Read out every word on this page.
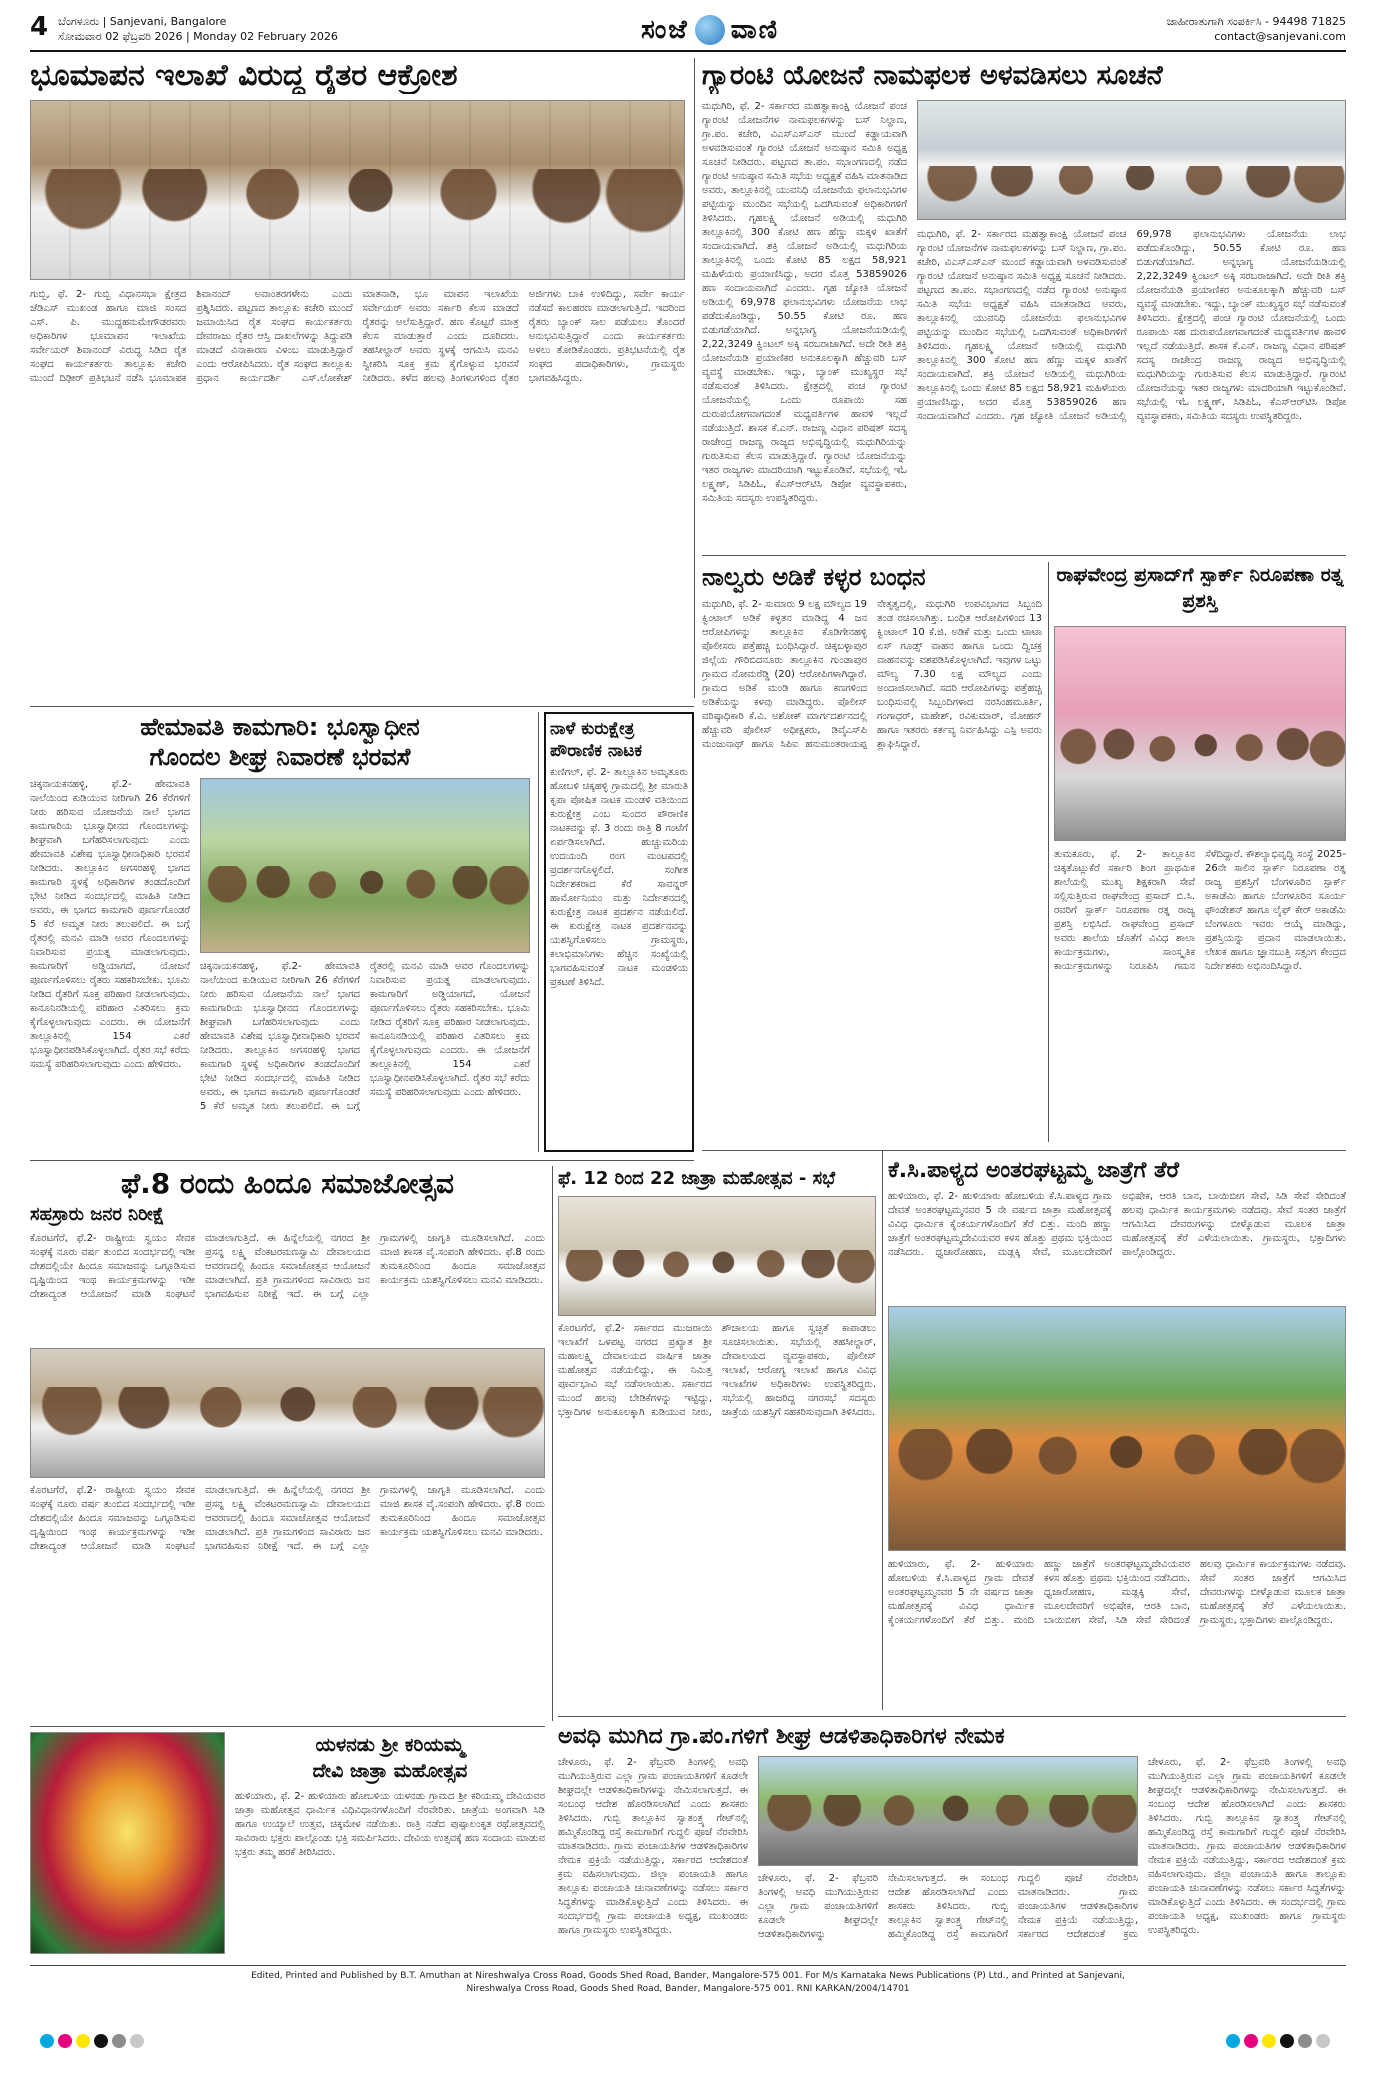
4 ಬೆಂಗಳೂರು | Sanjevani, Bangalore
ಸೋಮವಾರ 02 ಫೆಬ್ರವರಿ 2026 | Monday 02 February 2026	ಸಂಜೆ ವಾಣಿ	ಜಾಹೀರಾತುಗಾಗಿ ಸಂಪರ್ಕಿಸಿ - 94498 71825
contact@sanjevani.com
ಭೂಮಾಪನ ಇಲಾಖೆ ವಿರುದ್ಧ ರೈತರ ಆಕ್ರೋಶ
ಗುಬ್ಬಿ, ಫೆ. 2- ಗುಬ್ಬಿ ವಿಧಾನಸಭಾ ಕ್ಷೇತ್ರದ ಜೆಡಿಎಸ್ ಮುಖಂಡ ಹಾಗೂ ಮಾಜಿ ಸಂಸದ ಎಸ್. ಪಿ. ಮುದ್ದಹನುಮೇಗೌಡರವರು ಅಧಿಕಾರಿಗಳ ಭೂಮಾಪನ ಇಲಾಖೆಯ ಸರ್ವೇಯರ್ ಶಿವಾನಂದ್ ವಿರುದ್ಧ ಸಿಡಿದ ರೈತ ಸಂಘದ ಕಾರ್ಯಕರ್ತರು ತಾಲ್ಲೂಕು ಕಚೇರಿ ಮುಂದೆ ದಿಢೀರ್ ಪ್ರತಿಭಟನೆ ನಡೆಸಿ ಭೂಮಾಪಕ ಶಿವಾನಂದ್ ಅವಾಂತರಗಳೇನು ಎಂದು ಪ್ರಶ್ನಿಸಿದರು. ಪಟ್ಟಣದ ತಾಲ್ಲೂಕು ಕಚೇರಿ ಮುಂದೆ ಜಮಾಯಿಸಿದ ರೈತ ಸಂಘದ ಕಾರ್ಯಕರ್ತರು ದೇವರಾಜು ರೈತರ ಆಸ್ತಿ ದಾಖಲೆಗಳನ್ನು ತಿದ್ದುಪಡಿ ಮಾಡದೆ ವಿನಾಕಾರಣ ವಿಳಂಬ ಮಾಡುತ್ತಿದ್ದಾರೆ ಎಂದು ಆರೋಪಿಸಿದರು. ರೈತ ಸಂಘದ ತಾಲ್ಲೂಕು ಪ್ರಧಾನ ಕಾರ್ಯದರ್ಶಿ ಎಸ್.ಲೋಕೇಶ್ ಮಾತನಾಡಿ, ಭೂ ಮಾಪನ ಇಲಾಖೆಯ ಸರ್ವೇಯರ್ ಅವರು ಸರ್ಕಾರಿ ಕೆಲಸ ಮಾಡದೆ ರೈತರನ್ನು ಅಲೆಸುತ್ತಿದ್ದಾರೆ. ಹಣ ಕೊಟ್ಟರೆ ಮಾತ್ರ ಕೆಲಸ ಮಾಡುತ್ತಾರೆ ಎಂದು ದೂರಿದರು. ತಹಸೀಲ್ದಾರ್ ಅವರು ಸ್ಥಳಕ್ಕೆ ಆಗಮಿಸಿ ಮನವಿ ಸ್ವೀಕರಿಸಿ ಸೂಕ್ತ ಕ್ರಮ ಕೈಗೊಳ್ಳುವ ಭರವಸೆ ನೀಡಿದರು. ಕಳೆದ ಹಲವು ತಿಂಗಳುಗಳಿಂದ ರೈತರ ಅರ್ಜಿಗಳು ಬಾಕಿ ಉಳಿದಿದ್ದು, ಸರ್ವೇ ಕಾರ್ಯ ನಡೆಸದೆ ಕಾಲಹರಣ ಮಾಡಲಾಗುತ್ತಿದೆ. ಇದರಿಂದ ರೈತರು ಬ್ಯಾಂಕ್ ಸಾಲ ಪಡೆಯಲು ತೊಂದರೆ ಅನುಭವಿಸುತ್ತಿದ್ದಾರೆ ಎಂದು ಕಾರ್ಯಕರ್ತರು ಅಳಲು ತೋಡಿಕೊಂಡರು. ಪ್ರತಿಭಟನೆಯಲ್ಲಿ ರೈತ ಸಂಘದ ಪದಾಧಿಕಾರಿಗಳು, ಗ್ರಾಮಸ್ಥರು ಭಾಗವಹಿಸಿದ್ದರು.
ಗ್ಯಾರಂಟಿ ಯೋಜನೆ ನಾಮಫಲಕ ಅಳವಡಿಸಲು ಸೂಚನೆ
ಮಧುಗಿರಿ, ಫೆ. 2- ಸರ್ಕಾರದ ಮಹತ್ವಾಕಾಂಕ್ಷಿ ಯೋಜನೆ ಪಂಚ ಗ್ಯಾರಂಟಿ ಯೋಜನೆಗಳ ನಾಮಫಲಕಗಳನ್ನು ಬಸ್ ನಿಲ್ದಾಣ, ಗ್ರಾ.ಪಂ. ಕಚೇರಿ, ವಿಎಸ್‌ಎಸ್‌ಎನ್ ಮುಂದೆ ಕಡ್ಡಾಯವಾಗಿ ಅಳವಡಿಸುವಂತೆ ಗ್ಯಾರಂಟಿ ಯೋಜನೆ ಅನುಷ್ಠಾನ ಸಮಿತಿ ಅಧ್ಯಕ್ಷ ಸೂಚನೆ ನೀಡಿದರು. ಪಟ್ಟಣದ ತಾ.ಪಂ. ಸಭಾಂಗಣದಲ್ಲಿ ನಡೆದ ಗ್ಯಾರಂಟಿ ಅನುಷ್ಠಾನ ಸಮಿತಿ ಸಭೆಯ ಅಧ್ಯಕ್ಷತೆ ವಹಿಸಿ ಮಾತನಾಡಿದ ಅವರು, ತಾಲ್ಲೂಕಿನಲ್ಲಿ ಯುವನಿಧಿ ಯೋಜನೆಯ ಫಲಾನುಭವಿಗಳ ಪಟ್ಟಿಯನ್ನು ಮುಂದಿನ ಸಭೆಯಲ್ಲಿ ಒದಗಿಸುವಂತೆ ಅಧಿಕಾರಿಗಳಿಗೆ ತಿಳಿಸಿದರು. ಗೃಹಲಕ್ಷ್ಮಿ ಯೋಜನೆ ಅಡಿಯಲ್ಲಿ ಮಧುಗಿರಿ ತಾಲ್ಲೂಕಿನಲ್ಲಿ 300 ಕೋಟಿ ಹಣ ಹೆಣ್ಣು ಮಕ್ಕಳ ಖಾತೆಗೆ ಸಂದಾಯವಾಗಿದೆ. ಶಕ್ತಿ ಯೋಜನೆ ಅಡಿಯಲ್ಲಿ ಮಧುಗಿರಿಯ ತಾಲ್ಲೂಕಿನಲ್ಲಿ ಒಂದು ಕೋಟಿ 85 ಲಕ್ಷದ 58,921 ಮಹಿಳೆಯರು ಪ್ರಯಾಣಿಸಿದ್ದು, ಅದರ ಮೊತ್ತ 53859026 ಹಣ ಸಂದಾಯವಾಗಿದೆ ಎಂದರು. ಗೃಹ ಜ್ಯೋತಿ ಯೋಜನೆ ಅಡಿಯಲ್ಲಿ 69,978 ಫಲಾನುಭವಿಗಳು ಯೋಜನೆಯ ಲಾಭ ಪಡೆದುಕೊಂಡಿದ್ದು, 50.55 ಕೋಟಿ ರೂ. ಹಣ ಬಿಡುಗಡೆಯಾಗಿದೆ. ಅನ್ನಭಾಗ್ಯ ಯೋಜನೆಯಡಿಯಲ್ಲಿ 2,22,3249 ಕ್ವಿಂಟಲ್ ಅಕ್ಕಿ ಸರಬರಾಜಾಗಿದೆ. ಅದೇ ರೀತಿ ಶಕ್ತಿ ಯೋಜನೆಯಡಿ ಪ್ರಯಾಣಿಕರ ಅನುಕೂಲಕ್ಕಾಗಿ ಹೆಚ್ಚುವರಿ ಬಸ್ ವ್ಯವಸ್ಥೆ ಮಾಡಬೇಕು. ಇದ್ದು, ಬ್ಯಾಂಕ್ ಮುಖ್ಯಸ್ಥರ ಸಭೆ ನಡೆಸುವಂತೆ ತಿಳಿಸಿದರು. ಕ್ಷೇತ್ರದಲ್ಲಿ ಪಂಚ ಗ್ಯಾರಂಟಿ ಯೋಜನೆಯಲ್ಲಿ ಒಂದು ರೂಪಾಯಿ ಸಹ ದುರುಪಯೋಗವಾಗದಂತೆ ಮಧ್ಯವರ್ತಿಗಳ ಹಾವಳಿ ಇಲ್ಲದೆ ನಡೆಯುತ್ತಿದೆ. ಶಾಸಕ ಕೆ.ಎನ್. ರಾಜಣ್ಣ ವಿಧಾನ ಪರಿಷತ್ ಸದಸ್ಯ ರಾಜೇಂದ್ರ ರಾಜಣ್ಣ ರಾಜ್ಯದ ಅಭಿವೃದ್ಧಿಯಲ್ಲಿ ಮಧುಗಿರಿಯನ್ನು ಗುರುತಿಸುವ ಕೆಲಸ ಮಾಡುತ್ತಿದ್ದಾರೆ. ಗ್ಯಾರಂಟಿ ಯೋಜನೆಯನ್ನು ಇತರ ರಾಜ್ಯಗಳು ಮಾದರಿಯಾಗಿ ಇಟ್ಟುಕೊಂಡಿವೆ. ಸಭೆಯಲ್ಲಿ ಇಓ ಲಕ್ಷ್ಮಣ್, ಸಿಡಿಪಿಓ, ಕೆಎಸ್‌ಆರ್‌ಟಿಸಿ ಡಿಪೋ ವ್ಯವಸ್ಥಾಪಕರು, ಸಮಿತಿಯ ಸದಸ್ಯರು ಉಪಸ್ಥಿತರಿದ್ದರು.
ಮಧುಗಿರಿ, ಫೆ. 2- ಸರ್ಕಾರದ ಮಹತ್ವಾಕಾಂಕ್ಷಿ ಯೋಜನೆ ಪಂಚ ಗ್ಯಾರಂಟಿ ಯೋಜನೆಗಳ ನಾಮಫಲಕಗಳನ್ನು ಬಸ್ ನಿಲ್ದಾಣ, ಗ್ರಾ.ಪಂ. ಕಚೇರಿ, ವಿಎಸ್‌ಎಸ್‌ಎನ್ ಮುಂದೆ ಕಡ್ಡಾಯವಾಗಿ ಅಳವಡಿಸುವಂತೆ ಗ್ಯಾರಂಟಿ ಯೋಜನೆ ಅನುಷ್ಠಾನ ಸಮಿತಿ ಅಧ್ಯಕ್ಷ ಸೂಚನೆ ನೀಡಿದರು. ಪಟ್ಟಣದ ತಾ.ಪಂ. ಸಭಾಂಗಣದಲ್ಲಿ ನಡೆದ ಗ್ಯಾರಂಟಿ ಅನುಷ್ಠಾನ ಸಮಿತಿ ಸಭೆಯ ಅಧ್ಯಕ್ಷತೆ ವಹಿಸಿ ಮಾತನಾಡಿದ ಅವರು, ತಾಲ್ಲೂಕಿನಲ್ಲಿ ಯುವನಿಧಿ ಯೋಜನೆಯ ಫಲಾನುಭವಿಗಳ ಪಟ್ಟಿಯನ್ನು ಮುಂದಿನ ಸಭೆಯಲ್ಲಿ ಒದಗಿಸುವಂತೆ ಅಧಿಕಾರಿಗಳಿಗೆ ತಿಳಿಸಿದರು. ಗೃಹಲಕ್ಷ್ಮಿ ಯೋಜನೆ ಅಡಿಯಲ್ಲಿ ಮಧುಗಿರಿ ತಾಲ್ಲೂಕಿನಲ್ಲಿ 300 ಕೋಟಿ ಹಣ ಹೆಣ್ಣು ಮಕ್ಕಳ ಖಾತೆಗೆ ಸಂದಾಯವಾಗಿದೆ. ಶಕ್ತಿ ಯೋಜನೆ ಅಡಿಯಲ್ಲಿ ಮಧುಗಿರಿಯ ತಾಲ್ಲೂಕಿನಲ್ಲಿ ಒಂದು ಕೋಟಿ 85 ಲಕ್ಷದ 58,921 ಮಹಿಳೆಯರು ಪ್ರಯಾಣಿಸಿದ್ದು, ಅದರ ಮೊತ್ತ 53859026 ಹಣ ಸಂದಾಯವಾಗಿದೆ ಎಂದರು. ಗೃಹ ಜ್ಯೋತಿ ಯೋಜನೆ ಅಡಿಯಲ್ಲಿ 69,978 ಫಲಾನುಭವಿಗಳು ಯೋಜನೆಯ ಲಾಭ ಪಡೆದುಕೊಂಡಿದ್ದು, 50.55 ಕೋಟಿ ರೂ. ಹಣ ಬಿಡುಗಡೆಯಾಗಿದೆ. ಅನ್ನಭಾಗ್ಯ ಯೋಜನೆಯಡಿಯಲ್ಲಿ 2,22,3249 ಕ್ವಿಂಟಲ್ ಅಕ್ಕಿ ಸರಬರಾಜಾಗಿದೆ. ಅದೇ ರೀತಿ ಶಕ್ತಿ ಯೋಜನೆಯಡಿ ಪ್ರಯಾಣಿಕರ ಅನುಕೂಲಕ್ಕಾಗಿ ಹೆಚ್ಚುವರಿ ಬಸ್ ವ್ಯವಸ್ಥೆ ಮಾಡಬೇಕು. ಇದ್ದು, ಬ್ಯಾಂಕ್ ಮುಖ್ಯಸ್ಥರ ಸಭೆ ನಡೆಸುವಂತೆ ತಿಳಿಸಿದರು. ಕ್ಷೇತ್ರದಲ್ಲಿ ಪಂಚ ಗ್ಯಾರಂಟಿ ಯೋಜನೆಯಲ್ಲಿ ಒಂದು ರೂಪಾಯಿ ಸಹ ದುರುಪಯೋಗವಾಗದಂತೆ ಮಧ್ಯವರ್ತಿಗಳ ಹಾವಳಿ ಇಲ್ಲದೆ ನಡೆಯುತ್ತಿದೆ. ಶಾಸಕ ಕೆ.ಎನ್. ರಾಜಣ್ಣ ವಿಧಾನ ಪರಿಷತ್ ಸದಸ್ಯ ರಾಜೇಂದ್ರ ರಾಜಣ್ಣ ರಾಜ್ಯದ ಅಭಿವೃದ್ಧಿಯಲ್ಲಿ ಮಧುಗಿರಿಯನ್ನು ಗುರುತಿಸುವ ಕೆಲಸ ಮಾಡುತ್ತಿದ್ದಾರೆ. ಗ್ಯಾರಂಟಿ ಯೋಜನೆಯನ್ನು ಇತರ ರಾಜ್ಯಗಳು ಮಾದರಿಯಾಗಿ ಇಟ್ಟುಕೊಂಡಿವೆ. ಸಭೆಯಲ್ಲಿ ಇಓ ಲಕ್ಷ್ಮಣ್, ಸಿಡಿಪಿಓ, ಕೆಎಸ್‌ಆರ್‌ಟಿಸಿ ಡಿಪೋ ವ್ಯವಸ್ಥಾಪಕರು, ಸಮಿತಿಯ ಸದಸ್ಯರು ಉಪಸ್ಥಿತರಿದ್ದರು.
ನಾಲ್ವರು ಅಡಿಕೆ ಕಳ್ಳರ ಬಂಧನ
ಮಧುಗಿರಿ, ಫೆ. 2- ಸುಮಾರು 9 ಲಕ್ಷ ಮೌಲ್ಯದ 19 ಕ್ವಿಂಟಾಲ್ ಅಡಿಕೆ ಕಳ್ಳತನ ಮಾಡಿದ್ದ 4 ಜನ ಆರೋಪಿಗಳನ್ನು ತಾಲ್ಲೂಕಿನ ಕೊಡಿಗೇನಹಳ್ಳಿ ಪೊಲೀಸರು ಪತ್ತೆಹಚ್ಚಿ ಬಂಧಿಸಿದ್ದಾರೆ. ಚಿಕ್ಕಬಳ್ಳಾಪುರ ಜಿಲ್ಲೆಯ ಗೌರಿಬಿದನೂರು ತಾಲ್ಲೂಕಿನ ಗುಂಡಾಪುರ ಗ್ರಾಮದ ನೋಮರೆಡ್ಡಿ (20) ಆರೋಪಿಗಳಾಗಿದ್ದಾರೆ. ಗ್ರಾಮದ ಅಡಿಕೆ ಮಂಡಿ ಹಾಗೂ ಕಣಗಳಿಂದ ಅಡಿಕೆಯನ್ನು ಕಳವು ಮಾಡಿದ್ದರು. ಪೊಲೀಸ್ ವರಿಷ್ಠಾಧಿಕಾರಿ ಕೆ.ವಿ. ಅಶೋಕ್ ಮಾರ್ಗದರ್ಶನದಲ್ಲಿ ಹೆಚ್ಚುವರಿ ಪೊಲೀಸ್ ಅಧೀಕ್ಷಕರು, ಡಿವೈಎಸ್‌ಪಿ ಮಂಜುನಾಥ್ ಹಾಗೂ ಸಿಪಿಐ ಹನುಮಂತರಾಯಪ್ಪ ನೇತೃತ್ವದಲ್ಲಿ, ಮಧುಗಿರಿ ಉಪವಿಭಾಗದ ಸಿಬ್ಬಂದಿ ತಂಡ ರಚಿಸಲಾಗಿತ್ತು. ಬಂಧಿತ ಆರೋಪಿಗಳಿಂದ 13 ಕ್ವಿಂಟಾಲ್ 10 ಕೆ.ಜಿ. ಅಡಿಕೆ ಮತ್ತು ಒಂದು ಟಾಟಾ ಏಸ್ ಗೂಡ್ಸ್ ವಾಹನ ಹಾಗೂ ಒಂದು ದ್ವಿಚಕ್ರ ವಾಹನವನ್ನು ವಶಪಡಿಸಿಕೊಳ್ಳಲಾಗಿದೆ. ಇವುಗಳ ಒಟ್ಟು ಮೌಲ್ಯ 7.30 ಲಕ್ಷ ಮೌಲ್ಯದ ಎಂದು ಅಂದಾಜಿಸಲಾಗಿದೆ. ಸದರಿ ಆರೋಪಿಗಳನ್ನು ಪತ್ತೆಹಚ್ಚಿ ಬಂಧಿಸುವಲ್ಲಿ ಸಿಬ್ಬಂದಿಗಳಾದ ನರಸಿಂಹಮೂರ್ತಿ, ಗಂಗಾಧರ್, ಮಹೇಶ್, ರವಿಕುಮಾರ್, ಮೋಹನ್ ಹಾಗೂ ಇತರರು ಕರ್ತವ್ಯ ನಿರ್ವಹಿಸಿದ್ದು ಎಸ್ಪಿ ಅವರು ಶ್ಲಾಘಿಸಿದ್ದಾರೆ.
ರಾಘವೇಂದ್ರ ಪ್ರಸಾದ್‌ಗೆ ಸ್ಪಾರ್ಕ್ ನಿರೂಪಣಾ ರತ್ನ ಪ್ರಶಸ್ತಿ
ತುಮಕೂರು, ಫೆ. 2- ತಾಲ್ಲೂಕಿನ ಚಿಕ್ಕತೊಟ್ಲುಕೆರೆ ಸರ್ಕಾರಿ ಶಿಂಗ ಪ್ರಾಥಮಿಕ ಶಾಲೆಯಲ್ಲಿ ಮುಖ್ಯ ಶಿಕ್ಷಕರಾಗಿ ಸೇವೆ ಸಲ್ಲಿಸುತ್ತಿರುವ ರಾಘವೇಂದ್ರ ಪ್ರಸಾದ್ ಬಿ.ಸಿ. ರವರಿಗೆ ಸ್ಪಾರ್ಕ್ ನಿರೂಪಣಾ ರತ್ನ ರಾಜ್ಯ ಪ್ರಶಸ್ತಿ ಲಭಿಸಿದೆ. ರಾಘವೇಂದ್ರ ಪ್ರಸಾದ್ ಅವರು ಶಾಲೆಯ ಜೊತೆಗೆ ವಿವಿಧ ಶಾಲಾ ಕಾರ್ಯಕ್ರಮಗಳು, ಸಾಂಸ್ಕೃತಿಕ ಕಾರ್ಯಕ್ರಮಗಳನ್ನು ನಿರೂಪಿಸಿ ಗಮನ ಸೆಳೆದಿದ್ದಾರೆ. ಕೌಶಲ್ಯಾಭಿವೃದ್ಧಿ ಸಂಸ್ಥೆ 2025-26ನೇ ಸಾಲಿನ ಸ್ಪಾರ್ಕ್ ನಿರೂಪಣಾ ರತ್ನ ರಾಜ್ಯ ಪ್ರಶಸ್ತಿಗೆ ಬೆಂಗಳೂರಿನ ಸ್ಪಾರ್ಕ್ ಅಕಾಡೆಮಿ ಹಾಗೂ ಬೆಂಗಳೂರಿನ ಸೂರ್ಯ ಫೌಂಡೇಶನ್ ಹಾಗೂ ಲೈಫ್ ಕೇರ್ ಅಕಾಡೆಮಿ ಬೆಂಗಳೂರು ಇವರು ಆಯ್ಕೆ ಮಾಡಿದ್ದು, ಪ್ರಶಸ್ತಿಯನ್ನು ಪ್ರದಾನ ಮಾಡಲಾಯಿತು. ಲೇಖಕ ಹಾಗೂ ಜ್ಞಾನಬುತ್ತಿ ಸತ್ಸಂಗ ಕೇಂದ್ರದ ನಿರ್ದೇಶಕರು ಅಭಿನಂದಿಸಿದ್ದಾರೆ.
ಹೇಮಾವತಿ ಕಾಮಗಾರಿ: ಭೂಸ್ವಾಧೀನ
ಗೊಂದಲ ಶೀಘ್ರ ನಿವಾರಣೆ ಭರವಸೆ
ಚಿಕ್ಕನಾಯಕನಹಳ್ಳಿ, ಫೆ.2- ಹೇಮಾವತಿ ನಾಲೆಯಿಂದ ಕುಡಿಯುವ ನೀರಿಗಾಗಿ 26 ಕೆರೆಗಳಿಗೆ ನೀರು ಹರಿಸುವ ಯೋಜನೆಯ ನಾಲೆ ಭಾಗದ ಕಾಮಗಾರಿಯ ಭೂಸ್ವಾಧೀನದ ಗೊಂದಲಗಳನ್ನು ಶೀಘ್ರವಾಗಿ ಬಗೆಹರಿಸಲಾಗುವುದು ಎಂದು ಹೇಮಾವತಿ ವಿಶೇಷ ಭೂಸ್ವಾಧೀನಾಧಿಕಾರಿ ಭರವಸೆ ನೀಡಿದರು. ತಾಲ್ಲೂಕಿನ ಅಗಸರಹಳ್ಳಿ ಭಾಗದ ಕಾಮಗಾರಿ ಸ್ಥಳಕ್ಕೆ ಅಧಿಕಾರಿಗಳ ತಂಡದೊಂದಿಗೆ ಭೇಟಿ ನೀಡಿದ ಸಂದರ್ಭದಲ್ಲಿ ಮಾಹಿತಿ ನೀಡಿದ ಅವರು, ಈ ಭಾಗದ ಕಾಮಗಾರಿ ಪೂರ್ಣಗೊಂಡರೆ 5 ಕೆರೆ ಅಮೃತ ನೀರು ತಲುಪಲಿದೆ. ಈ ಬಗ್ಗೆ ರೈತರಲ್ಲಿ ಮನವಿ ಮಾಡಿ ಅವರ ಗೊಂದಲಗಳನ್ನು ನಿವಾರಿಸುವ ಪ್ರಯತ್ನ ಮಾಡಲಾಗುವುದು. ಕಾಮಗಾರಿಗೆ ಅಡ್ಡಿಯಾಗದೆ, ಯೋಜನೆ ಪೂರ್ಣಗೊಳಿಸಲು ರೈತರು ಸಹಕರಿಸಬೇಕು. ಭೂಮಿ ನೀಡಿದ ರೈತರಿಗೆ ಸೂಕ್ತ ಪರಿಹಾರ ನೀಡಲಾಗುವುದು. ಕಾನೂನಿನಡಿಯಲ್ಲಿ ಪರಿಹಾರ ವಿತರಿಸಲು ಕ್ರಮ ಕೈಗೊಳ್ಳಲಾಗುವುದು ಎಂದರು. ಈ ಯೋಜನೆಗೆ ತಾಲ್ಲೂಕಿನಲ್ಲಿ 154 ಎಕರೆ ಭೂಸ್ವಾಧೀನಪಡಿಸಿಕೊಳ್ಳಲಾಗಿದೆ. ರೈತರ ಸಭೆ ಕರೆದು ಸಮಸ್ಯೆ ಪರಿಹರಿಸಲಾಗುವುದು ಎಂದು ಹೇಳಿದರು.
ಚಿಕ್ಕನಾಯಕನಹಳ್ಳಿ, ಫೆ.2- ಹೇಮಾವತಿ ನಾಲೆಯಿಂದ ಕುಡಿಯುವ ನೀರಿಗಾಗಿ 26 ಕೆರೆಗಳಿಗೆ ನೀರು ಹರಿಸುವ ಯೋಜನೆಯ ನಾಲೆ ಭಾಗದ ಕಾಮಗಾರಿಯ ಭೂಸ್ವಾಧೀನದ ಗೊಂದಲಗಳನ್ನು ಶೀಘ್ರವಾಗಿ ಬಗೆಹರಿಸಲಾಗುವುದು ಎಂದು ಹೇಮಾವತಿ ವಿಶೇಷ ಭೂಸ್ವಾಧೀನಾಧಿಕಾರಿ ಭರವಸೆ ನೀಡಿದರು. ತಾಲ್ಲೂಕಿನ ಅಗಸರಹಳ್ಳಿ ಭಾಗದ ಕಾಮಗಾರಿ ಸ್ಥಳಕ್ಕೆ ಅಧಿಕಾರಿಗಳ ತಂಡದೊಂದಿಗೆ ಭೇಟಿ ನೀಡಿದ ಸಂದರ್ಭದಲ್ಲಿ ಮಾಹಿತಿ ನೀಡಿದ ಅವರು, ಈ ಭಾಗದ ಕಾಮಗಾರಿ ಪೂರ್ಣಗೊಂಡರೆ 5 ಕೆರೆ ಅಮೃತ ನೀರು ತಲುಪಲಿದೆ. ಈ ಬಗ್ಗೆ ರೈತರಲ್ಲಿ ಮನವಿ ಮಾಡಿ ಅವರ ಗೊಂದಲಗಳನ್ನು ನಿವಾರಿಸುವ ಪ್ರಯತ್ನ ಮಾಡಲಾಗುವುದು. ಕಾಮಗಾರಿಗೆ ಅಡ್ಡಿಯಾಗದೆ, ಯೋಜನೆ ಪೂರ್ಣಗೊಳಿಸಲು ರೈತರು ಸಹಕರಿಸಬೇಕು. ಭೂಮಿ ನೀಡಿದ ರೈತರಿಗೆ ಸೂಕ್ತ ಪರಿಹಾರ ನೀಡಲಾಗುವುದು. ಕಾನೂನಿನಡಿಯಲ್ಲಿ ಪರಿಹಾರ ವಿತರಿಸಲು ಕ್ರಮ ಕೈಗೊಳ್ಳಲಾಗುವುದು ಎಂದರು. ಈ ಯೋಜನೆಗೆ ತಾಲ್ಲೂಕಿನಲ್ಲಿ 154 ಎಕರೆ ಭೂಸ್ವಾಧೀನಪಡಿಸಿಕೊಳ್ಳಲಾಗಿದೆ. ರೈತರ ಸಭೆ ಕರೆದು ಸಮಸ್ಯೆ ಪರಿಹರಿಸಲಾಗುವುದು ಎಂದು ಹೇಳಿದರು.
ನಾಳೆ ಕುರುಕ್ಷೇತ್ರ
ಪೌರಾಣಿಕ ನಾಟಕ
ಕುಣಿಗಲ್, ಫೆ. 2- ತಾಲ್ಲೂಕಿನ ಅಮೃತೂರು ಹೋಬಳಿ ಚಿಕ್ಕಹಳ್ಳಿ ಗ್ರಾಮದಲ್ಲಿ ಶ್ರೀ ಮಾರುತಿ ಕೃಪಾ ಪೋಷಿತ ನಾಟಕ ಮಂಡಳಿ ವತಿಯಿಂದ ಕುರುಕ್ಷೇತ್ರ ಎಂಬ ಸುಂದರ ಪೌರಾಣಿಕ ನಾಟಕವನ್ನು ಫೆ. 3 ರಂದು ರಾತ್ರಿ 8 ಗಂಟೆಗೆ ಏರ್ಪಡಿಸಲಾಗಿದೆ. ಹುಚ್ಚುಮರಿಯ ಉದಯಂದಿ ರಂಗ ಮಂಟಪದಲ್ಲಿ ಪ್ರದರ್ಶನಗೊಳ್ಳಲಿದೆ. ಸಂಗೀತ ನಿರ್ದೇಶಕರಾದ ಕೆರೆ ಸಾವನ್ನರ್ ಹಾರ್ಮೋನಿಯಂ ಮತ್ತು ನಿರ್ದೇಶನದಲ್ಲಿ ಕುರುಕ್ಷೇತ್ರ ನಾಟಕ ಪ್ರದರ್ಶನ ನಡೆಯಲಿದೆ. ಈ ಕುರುಕ್ಷೇತ್ರ ನಾಟಕ ಪ್ರದರ್ಶನವನ್ನು ಯಶಸ್ವಿಗೊಳಿಸಲು ಗ್ರಾಮಸ್ಥರು, ಕಲಾಭಿಮಾನಿಗಳು ಹೆಚ್ಚಿನ ಸಂಖ್ಯೆಯಲ್ಲಿ ಭಾಗವಹಿಸುವಂತೆ ನಾಟಕ ಮಂಡಳಿಯ ಪ್ರಕಟಣೆ ತಿಳಿಸಿದೆ.
ಫೆ.8 ರಂದು ಹಿಂದೂ ಸಮಾಜೋತ್ಸವ
ಸಹಸ್ರಾರು ಜನರ ನಿರೀಕ್ಷೆ
ಕೊರಟಗೆರೆ, ಫೆ.2- ರಾಷ್ಟ್ರೀಯ ಸ್ವಯಂ ಸೇವಕ ಸಂಘಕ್ಕೆ ನೂರು ವರ್ಷ ತುಂಬಿದ ಸಂದರ್ಭದಲ್ಲಿ ಇಡೀ ದೇಶದಲ್ಲಿಯೇ ಹಿಂದೂ ಸಮಾಜವನ್ನು ಒಗ್ಗೂಡಿಸುವ ದೃಷ್ಟಿಯಿಂದ ಇಂಥ ಕಾರ್ಯಕ್ರಮಗಳನ್ನು ಇಡೀ ದೇಶಾದ್ಯಂತ ಆಯೋಜನೆ ಮಾಡಿ ಸಂಘಟನೆ ಮಾಡಲಾಗುತ್ತಿದೆ. ಈ ಹಿನ್ನೆಲೆಯಲ್ಲಿ ನಗರದ ಶ್ರೀ ಪ್ರಸನ್ನ ಲಕ್ಷ್ಮಿ ವೆಂಕಟರಮಣಸ್ವಾಮಿ ದೇವಾಲಯದ ಆವರಣದಲ್ಲಿ ಹಿಂದೂ ಸಮಾಜೋತ್ಸವ ಆಯೋಜನೆ ಮಾಡಲಾಗಿದೆ. ಪ್ರತಿ ಗ್ರಾಮಗಳಿಂದ ಸಾವಿರಾರು ಜನ ಭಾಗವಹಿಸುವ ನಿರೀಕ್ಷೆ ಇದೆ. ಈ ಬಗ್ಗೆ ಎಲ್ಲಾ ಗ್ರಾಮಗಳಲ್ಲಿ ಜಾಗೃತಿ ಮೂಡಿಸಲಾಗಿದೆ. ಎಂದು ಮಾಜಿ ಶಾಸಕ ವೈ.ಸಂಪಂಗಿ ಹೇಳಿದರು. ಫೆ.8 ರಂದು ತುಮಕೂರಿನಿಂದ ಹಿಂದೂ ಸಮಾಜೋತ್ಸವ ಕಾರ್ಯಕ್ರಮ ಯಶಸ್ವಿಗೊಳಿಸಲು ಮನವಿ ಮಾಡಿದರು.
ಕೊರಟಗೆರೆ, ಫೆ.2- ರಾಷ್ಟ್ರೀಯ ಸ್ವಯಂ ಸೇವಕ ಸಂಘಕ್ಕೆ ನೂರು ವರ್ಷ ತುಂಬಿದ ಸಂದರ್ಭದಲ್ಲಿ ಇಡೀ ದೇಶದಲ್ಲಿಯೇ ಹಿಂದೂ ಸಮಾಜವನ್ನು ಒಗ್ಗೂಡಿಸುವ ದೃಷ್ಟಿಯಿಂದ ಇಂಥ ಕಾರ್ಯಕ್ರಮಗಳನ್ನು ಇಡೀ ದೇಶಾದ್ಯಂತ ಆಯೋಜನೆ ಮಾಡಿ ಸಂಘಟನೆ ಮಾಡಲಾಗುತ್ತಿದೆ. ಈ ಹಿನ್ನೆಲೆಯಲ್ಲಿ ನಗರದ ಶ್ರೀ ಪ್ರಸನ್ನ ಲಕ್ಷ್ಮಿ ವೆಂಕಟರಮಣಸ್ವಾಮಿ ದೇವಾಲಯದ ಆವರಣದಲ್ಲಿ ಹಿಂದೂ ಸಮಾಜೋತ್ಸವ ಆಯೋಜನೆ ಮಾಡಲಾಗಿದೆ. ಪ್ರತಿ ಗ್ರಾಮಗಳಿಂದ ಸಾವಿರಾರು ಜನ ಭಾಗವಹಿಸುವ ನಿರೀಕ್ಷೆ ಇದೆ. ಈ ಬಗ್ಗೆ ಎಲ್ಲಾ ಗ್ರಾಮಗಳಲ್ಲಿ ಜಾಗೃತಿ ಮೂಡಿಸಲಾಗಿದೆ. ಎಂದು ಮಾಜಿ ಶಾಸಕ ವೈ.ಸಂಪಂಗಿ ಹೇಳಿದರು. ಫೆ.8 ರಂದು ತುಮಕೂರಿನಿಂದ ಹಿಂದೂ ಸಮಾಜೋತ್ಸವ ಕಾರ್ಯಕ್ರಮ ಯಶಸ್ವಿಗೊಳಿಸಲು ಮನವಿ ಮಾಡಿದರು.
ಫೆ. 12 ರಿಂದ 22 ಜಾತ್ರಾ ಮಹೋತ್ಸವ - ಸಭೆ
ಕೊರಟಗೆರೆ, ಫೆ.2- ಸರ್ಕಾರದ ಮುಜರಾಯಿ ಇಲಾಖೆಗೆ ಒಳಪಟ್ಟ ನಗರದ ಪ್ರಖ್ಯಾತ ಶ್ರೀ ಮಹಾಲಕ್ಷ್ಮಿ ದೇವಾಲಯದ ವಾರ್ಷಿಕ ಜಾತ್ರಾ ಮಹೋತ್ಸವ ನಡೆಯಲಿದ್ದು, ಈ ನಿಮಿತ್ತ ಪೂರ್ವಭಾವಿ ಸಭೆ ನಡೆಸಲಾಯಿತು. ಸರ್ಕಾರದ ಮುಂದೆ ಹಲವು ಬೇಡಿಕೆಗಳನ್ನು ಇಟ್ಟಿದ್ದು, ಭಕ್ತಾದಿಗಳ ಅನುಕೂಲಕ್ಕಾಗಿ ಕುಡಿಯುವ ನೀರು, ಶೌಚಾಲಯ ಹಾಗೂ ಸ್ವಚ್ಛತೆ ಕಾಪಾಡಲು ಸೂಚಿಸಲಾಯಿತು. ಸಭೆಯಲ್ಲಿ ತಹಸೀಲ್ದಾರ್, ದೇವಾಲಯದ ವ್ಯವಸ್ಥಾಪಕರು, ಪೊಲೀಸ್ ಇಲಾಖೆ, ಆರೋಗ್ಯ ಇಲಾಖೆ ಹಾಗೂ ವಿವಿಧ ಇಲಾಖೆಗಳ ಅಧಿಕಾರಿಗಳು ಉಪಸ್ಥಿತರಿದ್ದರು. ಸಭೆಯಲ್ಲಿ ಹಾಜರಿದ್ದ ನಗರಸಭೆ ಸದಸ್ಯರು ಜಾತ್ರೆಯ ಯಶಸ್ಸಿಗೆ ಸಹಕರಿಸುವುದಾಗಿ ತಿಳಿಸಿದರು.
ಕೆ.ಸಿ.ಪಾಳ್ಯದ ಅಂತರಘಟ್ಟಮ್ಮ ಜಾತ್ರೆಗೆ ತೆರೆ
ಹುಳಿಯಾರು, ಫೆ. 2- ಹುಳಿಯಾರು ಹೋಬಳಿಯ ಕೆ.ಸಿ.ಪಾಳ್ಯದ ಗ್ರಾಮ ದೇವತೆ ಅಂತರಘಟ್ಟಮ್ಮನವರ 5 ನೇ ವರ್ಷದ ಜಾತ್ರಾ ಮಹೋತ್ಸವಕ್ಕೆ ವಿವಿಧ ಧಾರ್ಮಿಕ ಕೈಂಕರ್ಯಗಳೊಂದಿಗೆ ತೆರೆ ಬಿತ್ತು. ಮಂದಿ ಹಣ್ಣು ಜಾತ್ರೆಗೆ ಅಂತರಘಟ್ಟಮ್ಮದೇವಿಯವರ ಕಳಸ ಹೊತ್ತು ಪ್ರಥಮ ಭಕ್ತಿಯಿಂದ ನಡೆಸಿದರು. ಧ್ವಜಾರೋಹಣ, ಮಡ್ಲಕ್ಕಿ ಸೇವೆ, ಮೂಲದೇವರಿಗೆ ಅಭಿಷೇಕ, ಆರತಿ ಬಾನ, ಬಾಯಿಬೀಗ ಸೇವೆ, ಸಿಡಿ ಸೇವೆ ಸೇರಿದಂತೆ ಹಲವು ಧಾರ್ಮಿಕ ಕಾರ್ಯಕ್ರಮಗಳು ನಡೆದವು. ಸೇವೆ ಸಂತರ ಜಾತ್ರೆಗೆ ಆಗಮಿಸಿದ ದೇವರುಗಳನ್ನು ಬೀಳ್ಕೊಡುವ ಮೂಲಕ ಜಾತ್ರಾ ಮಹೋತ್ಸವಕ್ಕೆ ತೆರೆ ಎಳೆಯಲಾಯಿತು. ಗ್ರಾಮಸ್ಥರು, ಭಕ್ತಾದಿಗಳು ಪಾಲ್ಗೊಂಡಿದ್ದರು.
ಹುಳಿಯಾರು, ಫೆ. 2- ಹುಳಿಯಾರು ಹೋಬಳಿಯ ಕೆ.ಸಿ.ಪಾಳ್ಯದ ಗ್ರಾಮ ದೇವತೆ ಅಂತರಘಟ್ಟಮ್ಮನವರ 5 ನೇ ವರ್ಷದ ಜಾತ್ರಾ ಮಹೋತ್ಸವಕ್ಕೆ ವಿವಿಧ ಧಾರ್ಮಿಕ ಕೈಂಕರ್ಯಗಳೊಂದಿಗೆ ತೆರೆ ಬಿತ್ತು. ಮಂದಿ ಹಣ್ಣು ಜಾತ್ರೆಗೆ ಅಂತರಘಟ್ಟಮ್ಮದೇವಿಯವರ ಕಳಸ ಹೊತ್ತು ಪ್ರಥಮ ಭಕ್ತಿಯಿಂದ ನಡೆಸಿದರು. ಧ್ವಜಾರೋಹಣ, ಮಡ್ಲಕ್ಕಿ ಸೇವೆ, ಮೂಲದೇವರಿಗೆ ಅಭಿಷೇಕ, ಆರತಿ ಬಾನ, ಬಾಯಿಬೀಗ ಸೇವೆ, ಸಿಡಿ ಸೇವೆ ಸೇರಿದಂತೆ ಹಲವು ಧಾರ್ಮಿಕ ಕಾರ್ಯಕ್ರಮಗಳು ನಡೆದವು. ಸೇವೆ ಸಂತರ ಜಾತ್ರೆಗೆ ಆಗಮಿಸಿದ ದೇವರುಗಳನ್ನು ಬೀಳ್ಕೊಡುವ ಮೂಲಕ ಜಾತ್ರಾ ಮಹೋತ್ಸವಕ್ಕೆ ತೆರೆ ಎಳೆಯಲಾಯಿತು. ಗ್ರಾಮಸ್ಥರು, ಭಕ್ತಾದಿಗಳು ಪಾಲ್ಗೊಂಡಿದ್ದರು.
ಯಳನಡು ಶ್ರೀ ಕರಿಯಮ್ಮ
ದೇವಿ ಜಾತ್ರಾ ಮಹೋತ್ಸವ
ಹುಳಿಯಾರು, ಫೆ. 2- ಹುಳಿಯಾರು ಹೋಬಳಿಯ ಯಳನಡು ಗ್ರಾಮದ ಶ್ರೀ ಕರಿಯಮ್ಮ ದೇವಿಯವರ ಜಾತ್ರಾ ಮಹೋತ್ಸವ ಧಾರ್ಮಿಕ ವಿಧಿವಿಧಾನಗಳೊಂದಿಗೆ ನೆರವೇರಿತು. ಜಾತ್ರೆಯ ಅಂಗವಾಗಿ ಸಿಡಿ ಹಾಗೂ ಉಯ್ಯಾಲೆ ಉತ್ಸವ, ಚಿಕ್ಕಮೇಳ ನಡೆಯಿತು. ರಾತ್ರಿ ನಡೆದ ಪುಷ್ಪಾಲಂಕೃತ ರಥೋತ್ಸವದಲ್ಲಿ ಸಾವಿರಾರು ಭಕ್ತರು ಪಾಲ್ಗೊಂಡು ಭಕ್ತಿ ಸಮರ್ಪಿಸಿದರು. ದೇವಿಯ ಉತ್ಸವಕ್ಕೆ ಹಣ ಸಂದಾಯ ಮಾಡುವ ಭಕ್ತರು ತಮ್ಮ ಹರಕೆ ತೀರಿಸಿದರು.
ಅವಧಿ ಮುಗಿದ ಗ್ರಾ.ಪಂ.ಗಳಿಗೆ ಶೀಘ್ರ ಆಡಳಿತಾಧಿಕಾರಿಗಳ ನೇಮಕ
ಚೇಳೂರು, ಫೆ. 2- ಫೆಬ್ರವರಿ ತಿಂಗಳಲ್ಲಿ ಅವಧಿ ಮುಗಿಯುತ್ತಿರುವ ಎಲ್ಲಾ ಗ್ರಾಮ ಪಂಚಾಯತಿಗಳಿಗೆ ಕೂಡಲೇ ಶೀಘ್ರದಲ್ಲೇ ಆಡಳಿತಾಧಿಕಾರಿಗಳನ್ನು ನೇಮಿಸಲಾಗುತ್ತದೆ. ಈ ಸಂಬಂಧ ಆದೇಶ ಹೊರಡಿಸಲಾಗಿದೆ ಎಂದು ಶಾಸಕರು ತಿಳಿಸಿದರು. ಗುಬ್ಬಿ ತಾಲ್ಲೂಕಿನ ಸ್ವಾತಂತ್ರ್ಯ ಗೇಟ್‌ನಲ್ಲಿ ಹಮ್ಮಿಕೊಂಡಿದ್ದ ರಸ್ತೆ ಕಾಮಗಾರಿಗೆ ಗುದ್ದಲಿ ಪೂಜೆ ನೆರವೇರಿಸಿ ಮಾತನಾಡಿದರು. ಗ್ರಾಮ ಪಂಚಾಯತಿಗಳ ಆಡಳಿತಾಧಿಕಾರಿಗಳ ನೇಮಕ ಪ್ರಕ್ರಿಯೆ ನಡೆಯುತ್ತಿದ್ದು, ಸರ್ಕಾರದ ಆದೇಶದಂತೆ ಕ್ರಮ ವಹಿಸಲಾಗುವುದು. ಜಿಲ್ಲಾ ಪಂಚಾಯತಿ ಹಾಗೂ ತಾಲ್ಲೂಕು ಪಂಚಾಯತಿ ಚುನಾವಣೆಗಳನ್ನು ನಡೆಸಲು ಸರ್ಕಾರ ಸಿದ್ಧತೆಗಳನ್ನು ಮಾಡಿಕೊಳ್ಳುತ್ತಿದೆ ಎಂದು ತಿಳಿಸಿದರು. ಈ ಸಂದರ್ಭದಲ್ಲಿ ಗ್ರಾಮ ಪಂಚಾಯತಿ ಅಧ್ಯಕ್ಷ, ಮುಖಂಡರು ಹಾಗೂ ಗ್ರಾಮಸ್ಥರು ಉಪಸ್ಥಿತರಿದ್ದರು.
ಚೇಳೂರು, ಫೆ. 2- ಫೆಬ್ರವರಿ ತಿಂಗಳಲ್ಲಿ ಅವಧಿ ಮುಗಿಯುತ್ತಿರುವ ಎಲ್ಲಾ ಗ್ರಾಮ ಪಂಚಾಯತಿಗಳಿಗೆ ಕೂಡಲೇ ಶೀಘ್ರದಲ್ಲೇ ಆಡಳಿತಾಧಿಕಾರಿಗಳನ್ನು ನೇಮಿಸಲಾಗುತ್ತದೆ. ಈ ಸಂಬಂಧ ಆದೇಶ ಹೊರಡಿಸಲಾಗಿದೆ ಎಂದು ಶಾಸಕರು ತಿಳಿಸಿದರು. ಗುಬ್ಬಿ ತಾಲ್ಲೂಕಿನ ಸ್ವಾತಂತ್ರ್ಯ ಗೇಟ್‌ನಲ್ಲಿ ಹಮ್ಮಿಕೊಂಡಿದ್ದ ರಸ್ತೆ ಕಾಮಗಾರಿಗೆ ಗುದ್ದಲಿ ಪೂಜೆ ನೆರವೇರಿಸಿ ಮಾತನಾಡಿದರು. ಗ್ರಾಮ ಪಂಚಾಯತಿಗಳ ಆಡಳಿತಾಧಿಕಾರಿಗಳ ನೇಮಕ ಪ್ರಕ್ರಿಯೆ ನಡೆಯುತ್ತಿದ್ದು, ಸರ್ಕಾರದ ಆದೇಶದಂತೆ ಕ್ರಮ
ಚೇಳೂರು, ಫೆ. 2- ಫೆಬ್ರವರಿ ತಿಂಗಳಲ್ಲಿ ಅವಧಿ ಮುಗಿಯುತ್ತಿರುವ ಎಲ್ಲಾ ಗ್ರಾಮ ಪಂಚಾಯತಿಗಳಿಗೆ ಕೂಡಲೇ ಶೀಘ್ರದಲ್ಲೇ ಆಡಳಿತಾಧಿಕಾರಿಗಳನ್ನು ನೇಮಿಸಲಾಗುತ್ತದೆ. ಈ ಸಂಬಂಧ ಆದೇಶ ಹೊರಡಿಸಲಾಗಿದೆ ಎಂದು ಶಾಸಕರು ತಿಳಿಸಿದರು. ಗುಬ್ಬಿ ತಾಲ್ಲೂಕಿನ ಸ್ವಾತಂತ್ರ್ಯ ಗೇಟ್‌ನಲ್ಲಿ ಹಮ್ಮಿಕೊಂಡಿದ್ದ ರಸ್ತೆ ಕಾಮಗಾರಿಗೆ ಗುದ್ದಲಿ ಪೂಜೆ ನೆರವೇರಿಸಿ ಮಾತನಾಡಿದರು. ಗ್ರಾಮ ಪಂಚಾಯತಿಗಳ ಆಡಳಿತಾಧಿಕಾರಿಗಳ ನೇಮಕ ಪ್ರಕ್ರಿಯೆ ನಡೆಯುತ್ತಿದ್ದು, ಸರ್ಕಾರದ ಆದೇಶದಂತೆ ಕ್ರಮ ವಹಿಸಲಾಗುವುದು. ಜಿಲ್ಲಾ ಪಂಚಾಯತಿ ಹಾಗೂ ತಾಲ್ಲೂಕು ಪಂಚಾಯತಿ ಚುನಾವಣೆಗಳನ್ನು ನಡೆಸಲು ಸರ್ಕಾರ ಸಿದ್ಧತೆಗಳನ್ನು ಮಾಡಿಕೊಳ್ಳುತ್ತಿದೆ ಎಂದು ತಿಳಿಸಿದರು. ಈ ಸಂದರ್ಭದಲ್ಲಿ ಗ್ರಾಮ ಪಂಚಾಯತಿ ಅಧ್ಯಕ್ಷ, ಮುಖಂಡರು ಹಾಗೂ ಗ್ರಾಮಸ್ಥರು ಉಪಸ್ಥಿತರಿದ್ದರು.
Edited, Printed and Published by B.T. Amuthan at Nireshwalya Cross Road, Goods Shed Road, Bander, Mangalore-575 001. For M/s Karnataka News Publications (P) Ltd., and Printed at Sanjevani,
Nireshwalya Cross Road, Goods Shed Road, Bander, Mangalore-575 001. RNI KARKAN/2004/14701
